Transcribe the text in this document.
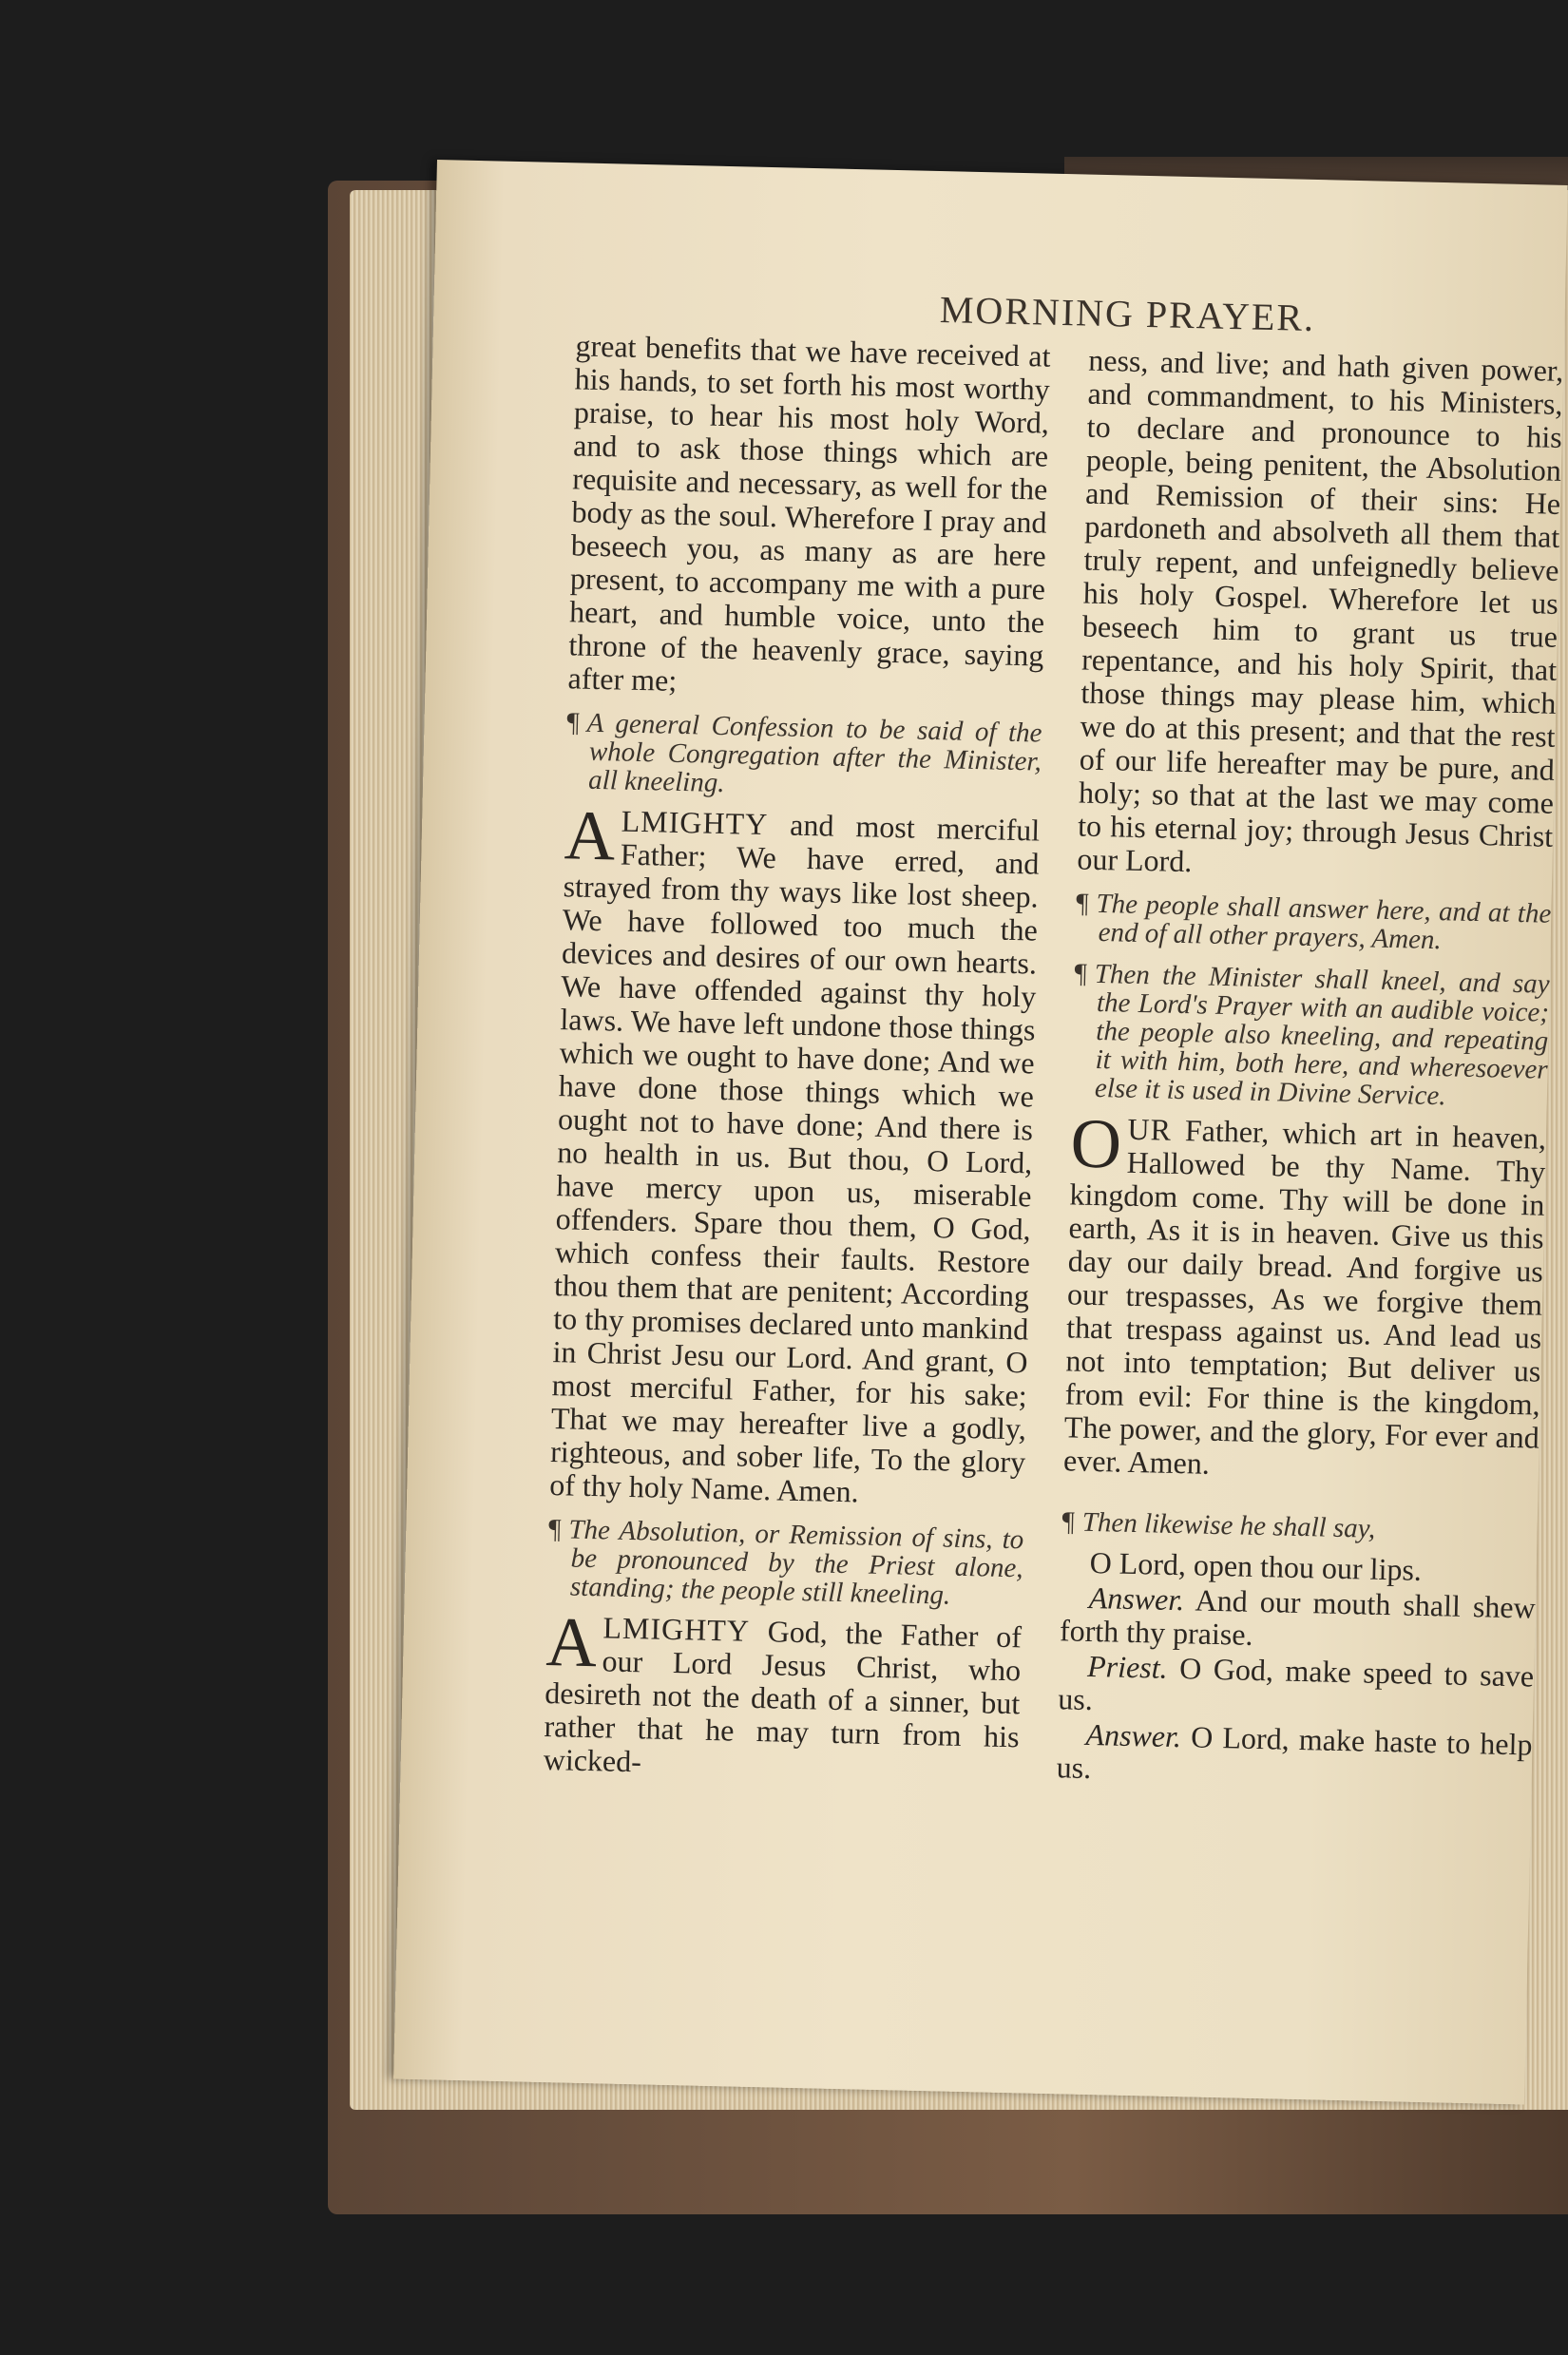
MORNING PRAYER.

great benefits that we have received at his hands, to set forth his most worthy praise, to hear his most holy Word, and to ask those things which are requisite and necessary, as well for the body as the soul. Wherefore I pray and beseech you, as many as are here present, to accompany me with a pure heart, and humble voice, unto the throne of the heavenly grace, saying after me;

¶ A general Confession to be said of the whole Congregation after the Minister, all kneeling.

ALMIGHTY and most merciful Father; We have erred, and strayed from thy ways like lost sheep. We have followed too much the devices and desires of our own hearts. We have offended against thy holy laws. We have left undone those things which we ought to have done; And we have done those things which we ought not to have done; And there is no health in us. But thou, O Lord, have mercy upon us, miserable offenders. Spare thou them, O God, which confess their faults. Restore thou them that are penitent; According to thy promises declared unto mankind in Christ Jesu our Lord. And grant, O most merciful Father, for his sake; That we may hereafter live a godly, righteous, and sober life, To the glory of thy holy Name. Amen.

¶ The Absolution, or Remission of sins, to be pronounced by the Priest alone, standing; the people still kneeling.

ALMIGHTY God, the Father of our Lord Jesus Christ, who desireth not the death of a sinner, but rather that he may turn from his wicked-

ness, and live; and hath given power, and commandment, to his Ministers, to declare and pronounce to his people, being penitent, the Absolution and Remission of their sins: He pardoneth and absolveth all them that truly repent, and unfeignedly believe his holy Gospel. Wherefore let us beseech him to grant us true repentance, and his holy Spirit, that those things may please him, which we do at this present; and that the rest of our life hereafter may be pure, and holy; so that at the last we may come to his eternal joy; through Jesus Christ our Lord.

¶ The people shall answer here, and at the end of all other prayers, Amen.

¶ Then the Minister shall kneel, and say the Lord's Prayer with an audible voice; the people also kneeling, and repeating it with him, both here, and wheresoever else it is used in Divine Service.

OUR Father, which art in heaven, Hallowed be thy Name. Thy kingdom come. Thy will be done in earth, As it is in heaven. Give us this day our daily bread. And forgive us our trespasses, As we forgive them that trespass against us. And lead us not into temptation; But deliver us from evil: For thine is the kingdom, The power, and the glory, For ever and ever. Amen.

¶ Then likewise he shall say,

O Lord, open thou our lips.

Answer. And our mouth shall shew forth thy praise.

Priest. O God, make speed to save us.

Answer. O Lord, make haste to help us.
